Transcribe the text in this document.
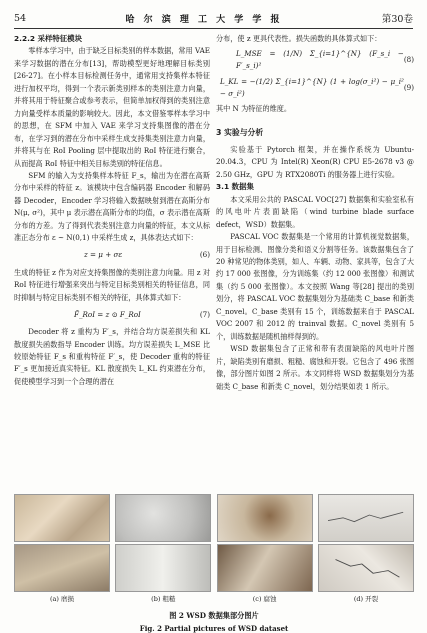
54	哈 尔 滨 理 工 大 学 学 报	第30卷
2.2.2 采样特征模块

零样本学习中，由于缺乏目标类别的样本数据，常用 VAE 来学习数据的潜在分布[13]，帮助模型更好地理解目标类别[26-27]。在小样本目标检测任务中，通常用支持集样本特征进行加权平均，得到一个表示新类别样本的类别注意力向量，并将其用于特征聚合或参考表示，但简单加权得到的类别注意力向量受样本质量的影响较大。因此，本文借鉴零样本学习中的思想，在 SFM 中加入 VAE 来学习支持集图像的潜在分布，在学习到的潜在分布中采样生成支持集类别注意力向量，并将其与在 RoI Pooling 层中提取出的 RoI 特征进行聚合，从而提高 RoI 特征中相关目标类别的特征信息。

SFM 的输入为支持集样本特征 F_s，输出为在潜在高斯分布中采样的特征 z。该模块中包含编码器 Encoder 和解码器 Decoder，Encoder 学习将输入数据映射到潜在高斯分布 N(μ, σ²)，其中 μ 表示潜在高斯分布的均值，σ 表示潜在高斯分布的方差。为了得到代表类别注意力向量的特征，本文从标准正态分布 ε ~ N(0,1) 中采样生成 z，具体表达式如下：

z = μ + σε	(6)

生成的特征 z 作为对应支持集图像的类别注意力向量。用 z 对 RoI 特征进行增强来突出与特定目标类别相关的特征信息，同时抑制与特定目标类别不相关的特征，具体算式如下：

F̃_RoI = z ⊙ F_RoI	(7)

Decoder 将 z 重构为 F′_s，并结合均方误差损失和 KL 散度损失函数指导 Encoder 训练。均方误差损失 L_MSE 比较原始特征 F_s 和重构特征 F′_s，使 Decoder 重构的特征 F′_s 更加接近真实特征。KL 散度损失 L_KL 约束潜在分布，促使模型学习到一个合理的潜在

分布，使 z 更具代表性。损失函数的具体算式如下：

L_MSE = (1/N) Σ_{i=1}^{N} (F_s_i − F′_s_i)²
(8)
L_KL = −(1/2) Σ_{i=1}^{N} (1 + log(σ_i²) − μ_i² − σ_i²)
(9)

其中 N 为特征的维度。

3 实验与分析

实验基于 Pytorch 框架，并在操作系统为 Ubuntu-20.04.3，CPU 为 Intel(R) Xeon(R) CPU E5-2678 v3 @ 2.50 GHz，GPU 为 RTX2080Ti 的服务器上进行实验。

3.1 数据集

本文采用公共的 PASCAL VOC[27] 数据集和实验室私有的风电叶片表面缺陷（wind turbine blade surface defect，WSD）数据集。

PASCAL VOC 数据集是一个常用的计算机视觉数据集，用于目标检测、图像分类和语义分割等任务。该数据集包含了 20 种常见的物体类别，如人、车辆、动物、家具等，包含了大约 17 000 张图像，分为训练集（约 12 000 张图像）和测试集（约 5 000 张图像）。本文按照 Wang 等[28] 提出的类别划分，将 PASCAL VOC 数据集划分为基础类 C_base 和新类 C_novel。C_base 类别有 15 个，训练数据来自于 PASCAL VOC 2007 和 2012 的 trainval 数据。C_novel 类别有 5 个，训练数据是随机抽样得到的。

WSD 数据集包含了正常和带有表面缺陷的风电叶片图片，缺陷类别有磨损、粗糙、腐蚀和开裂。它包含了 496 张图像，部分图片如图 2 所示。本文同样将 WSD 数据集划分为基础类 C_base 和新类 C_novel，划分结果如表 1 所示。

(a) 磨损	(b) 粗糙	(c) 腐蚀	(d) 开裂
图 2 WSD 数据集部分图片
Fig. 2 Partial pictures of WSD dataset
